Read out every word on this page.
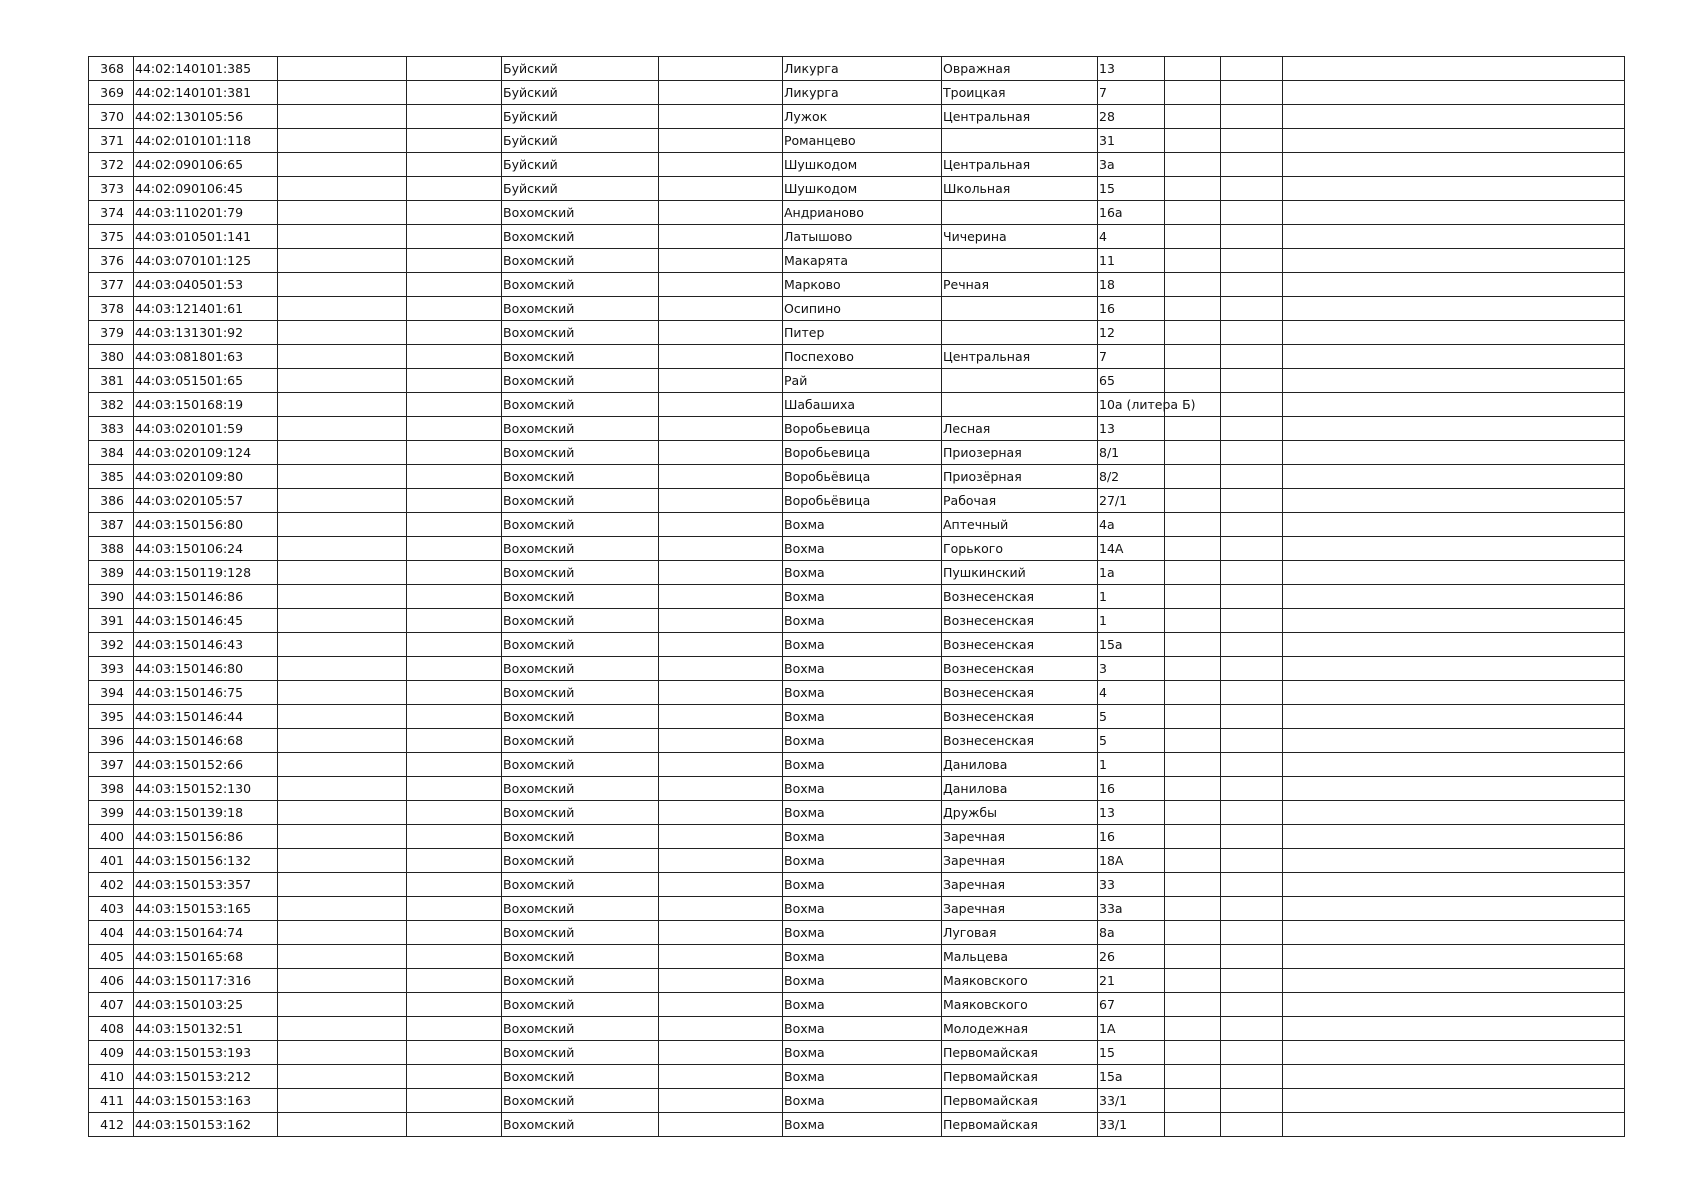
368	44:02:140101:385			Буйский		Ликурга	Овражная	13			
369	44:02:140101:381			Буйский		Ликурга	Троицкая	7			
370	44:02:130105:56			Буйский		Лужок	Центральная	28			
371	44:02:010101:118			Буйский		Романцево		31			
372	44:02:090106:65			Буйский		Шушкодом	Центральная	3а			
373	44:02:090106:45			Буйский		Шушкодом	Школьная	15			
374	44:03:110201:79			Вохомский		Андрианово		16а			
375	44:03:010501:141			Вохомский		Латышово	Чичерина	4			
376	44:03:070101:125			Вохомский		Макарята		11			
377	44:03:040501:53			Вохомский		Марково	Речная	18			
378	44:03:121401:61			Вохомский		Осипино		16			
379	44:03:131301:92			Вохомский		Питер		12			
380	44:03:081801:63			Вохомский		Поспехово	Центральная	7			
381	44:03:051501:65			Вохомский		Рай		65			
382	44:03:150168:19			Вохомский		Шабашиха		10а (литера Б)			
383	44:03:020101:59			Вохомский		Воробьевица	Лесная	13			
384	44:03:020109:124			Вохомский		Воробьевица	Приозерная	8/1			
385	44:03:020109:80			Вохомский		Воробьёвица	Приозёрная	8/2			
386	44:03:020105:57			Вохомский		Воробьёвица	Рабочая	27/1			
387	44:03:150156:80			Вохомский		Вохма	Аптечный	4а			
388	44:03:150106:24			Вохомский		Вохма	Горького	14А			
389	44:03:150119:128			Вохомский		Вохма	Пушкинский	1а			
390	44:03:150146:86			Вохомский		Вохма	Вознесенская	1			
391	44:03:150146:45			Вохомский		Вохма	Вознесенская	1			
392	44:03:150146:43			Вохомский		Вохма	Вознесенская	15а			
393	44:03:150146:80			Вохомский		Вохма	Вознесенская	3			
394	44:03:150146:75			Вохомский		Вохма	Вознесенская	4			
395	44:03:150146:44			Вохомский		Вохма	Вознесенская	5			
396	44:03:150146:68			Вохомский		Вохма	Вознесенская	5			
397	44:03:150152:66			Вохомский		Вохма	Данилова	1			
398	44:03:150152:130			Вохомский		Вохма	Данилова	16			
399	44:03:150139:18			Вохомский		Вохма	Дружбы	13			
400	44:03:150156:86			Вохомский		Вохма	Заречная	16			
401	44:03:150156:132			Вохомский		Вохма	Заречная	18А			
402	44:03:150153:357			Вохомский		Вохма	Заречная	33			
403	44:03:150153:165			Вохомский		Вохма	Заречная	33а			
404	44:03:150164:74			Вохомский		Вохма	Луговая	8а			
405	44:03:150165:68			Вохомский		Вохма	Мальцева	26			
406	44:03:150117:316			Вохомский		Вохма	Маяковского	21			
407	44:03:150103:25			Вохомский		Вохма	Маяковского	67			
408	44:03:150132:51			Вохомский		Вохма	Молодежная	1А			
409	44:03:150153:193			Вохомский		Вохма	Первомайская	15			
410	44:03:150153:212			Вохомский		Вохма	Первомайская	15а			
411	44:03:150153:163			Вохомский		Вохма	Первомайская	33/1			
412	44:03:150153:162			Вохомский		Вохма	Первомайская	33/1			
